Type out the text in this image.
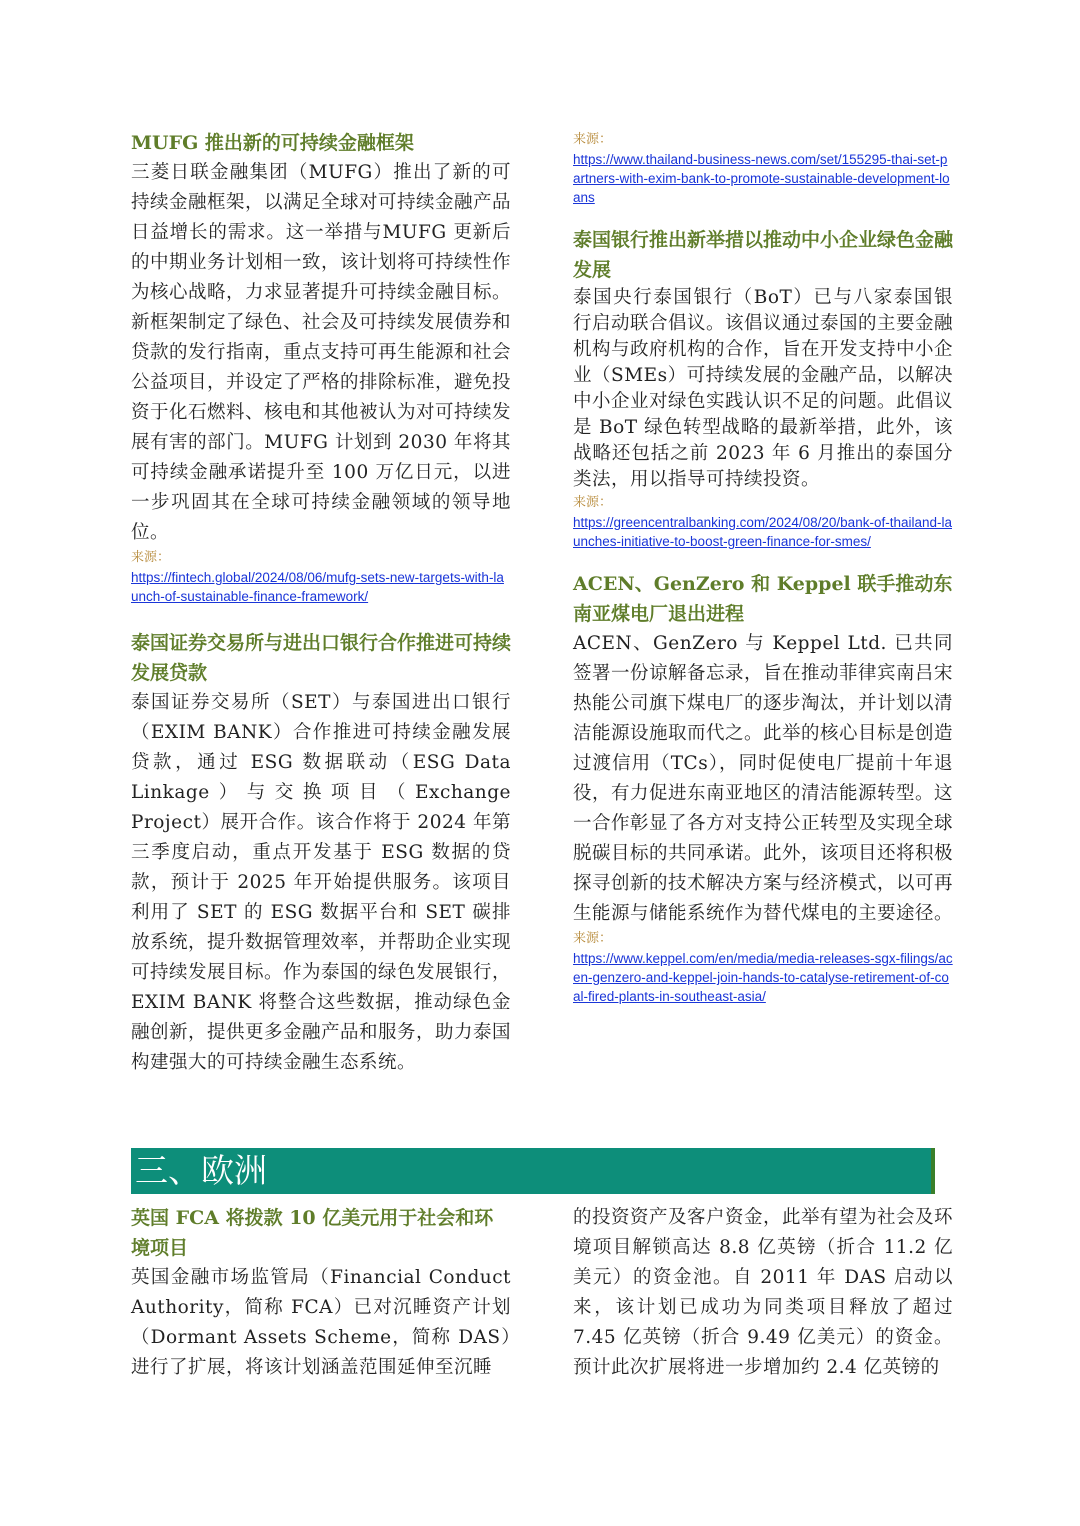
MUFG 推出新的可持续金融框架

三菱日联金融集团（MUFG）推出了新的可持续金融框架，以满足全球对可持续金融产品日益增长的需求。这一举措与MUFG 更新后的中期业务计划相一致，该计划将可持续性作为核心战略，力求显著提升可持续金融目标。新框架制定了绿色、社会及可持续发展债券和贷款的发行指南，重点支持可再生能源和社会公益项目，并设定了严格的排除标准，避免投资于化石燃料、核电和其他被认为对可持续发展有害的部门。MUFG 计划到 2030 年将其可持续金融承诺提升至 100 万亿日元，以进一步巩固其在全球可持续金融领域的领导地位。

来源：

https://fintech.global/2024/08/06/mufg-sets-new-targets-with-launch-of-sustainable-finance-framework/
泰国证券交易所与进出口银行合作推进可持续发展贷款

泰国证券交易所（SET）与泰国进出口银行（EXIM BANK）合作推进可持续金融发展贷款，通过 ESG 数据联动（ESG Data Linkage）与交换项目（Exchange Project）展开合作。该合作将于 2024 年第三季度启动，重点开发基于 ESG 数据的贷款，预计于 2025 年开始提供服务。该项目利用了 SET 的 ESG 数据平台和 SET 碳排放系统，提升数据管理效率，并帮助企业实现可持续发展目标。作为泰国的绿色发展银行，EXIM BANK 将整合这些数据，推动绿色金融创新，提供更多金融产品和服务，助力泰国构建强大的可持续金融生态系统。

来源：

https://www.thailand-business-news.com/set/155295-thai-set-partners-with-exim-bank-to-promote-sustainable-development-loans
泰国银行推出新举措以推动中小企业绿色金融发展

泰国央行泰国银行（BoT）已与八家泰国银行启动联合倡议。该倡议通过泰国的主要金融机构与政府机构的合作，旨在开发支持中小企业（SMEs）可持续发展的金融产品，以解决中小企业对绿色实践认识不足的问题。此倡议是 BoT 绿色转型战略的最新举措，此外，该战略还包括之前 2023 年 6 月推出的泰国分类法，用以指导可持续投资。

来源：

https://greencentralbanking.com/2024/08/20/bank-of-thailand-launches-initiative-to-boost-green-finance-for-smes/
ACEN、GenZero 和 Keppel 联手推动东南亚煤电厂退出进程

ACEN、GenZero 与 Keppel Ltd. 已共同签署一份谅解备忘录，旨在推动菲律宾南吕宋热能公司旗下煤电厂的逐步淘汰，并计划以清洁能源设施取而代之。此举的核心目标是创造过渡信用（TCs），同时促使电厂提前十年退役，有力促进东南亚地区的清洁能源转型。这一合作彰显了各方对支持公正转型及实现全球脱碳目标的共同承诺。此外，该项目还将积极探寻创新的技术解决方案与经济模式，以可再生能源与储能系统作为替代煤电的主要途径。

来源：

https://www.keppel.com/en/media/media-releases-sgx-filings/acen-genzero-and-keppel-join-hands-to-catalyse-retirement-of-coal-fired-plants-in-southeast-asia/
三、欧洲
英国 FCA 将拨款 10 亿美元用于社会和环境项目

英国金融市场监管局（Financial Conduct Authority，简称 FCA）已对沉睡资产计划（Dormant Assets Scheme，简称 DAS）进行了扩展，将该计划涵盖范围延伸至沉睡

的投资资产及客户资金，此举有望为社会及环境项目解锁高达 8.8 亿英镑（折合 11.2 亿美元）的资金池。自 2011 年 DAS 启动以来，该计划已成功为同类项目释放了超过 7.45 亿英镑（折合 9.49 亿美元）的资金。预计此次扩展将进一步增加约 2.4 亿英镑的
